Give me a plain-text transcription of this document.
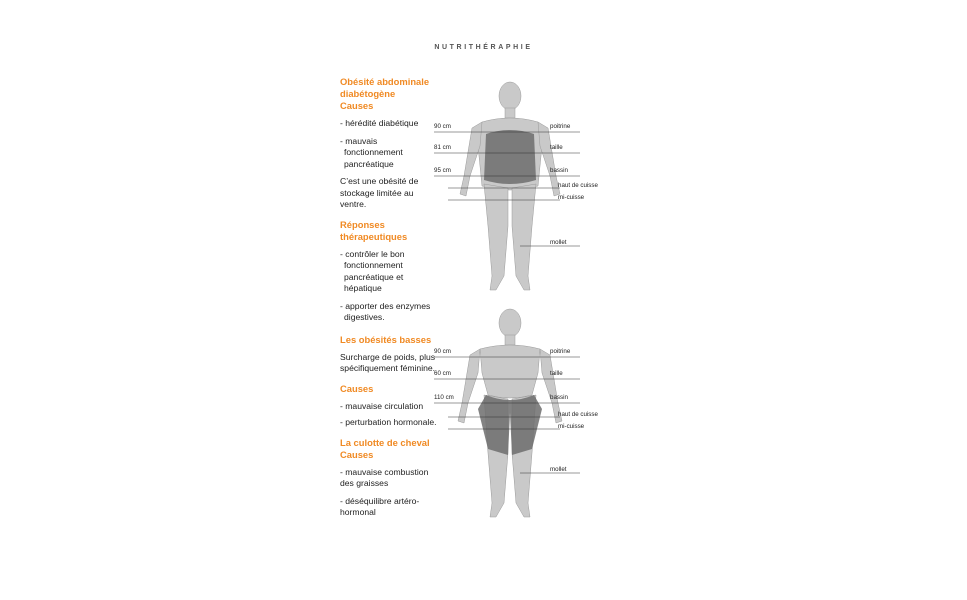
NUTRITHÉRAPHIE
Obésité abdominale diabétogène
Causes

- hérédité diabétique

- mauvais fonctionnement pancréatique

C’est une obésité de stockage limitée au ventre.

Réponses thérapeutiques

- contrôler le bon fonctionnement pancréatique et hépatique

- apporter des enzymes digestives.

Les obésités basses

Surcharge de poids, plus spécifiquement féminine.

Causes

- mauvaise circulation

- perturbation hormonale.

La culotte de cheval
Causes

- mauvaise combustion des graisses

- déséquilibre artéro-hormonal

90 cm
81 cm
95 cm
poitrine
taille
bassin
haut de cuisse
mi-cuisse
mollet
90 cm
60 cm
110 cm
poitrine
taille
bassin
haut de cuisse
mi-cuisse
mollet
